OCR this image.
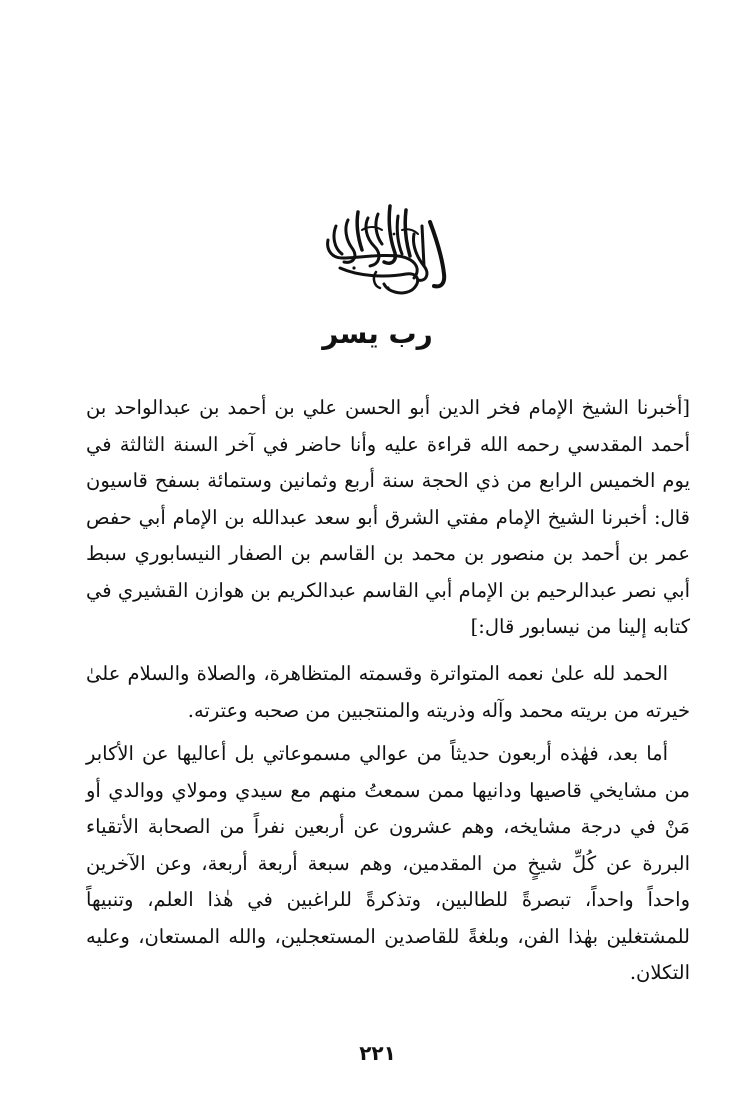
رب يسر

[أخبرنا الشيخ الإمام فخر الدين أبو الحسن علي بن أحمد بن عبدالواحد بن أحمد المقدسي رحمه الله قراءة عليه وأنا حاضر في آخر السنة الثالثة في يوم الخميس الرابع من ذي الحجة سنة أربع وثمانين وستمائة بسفح قاسيون قال: أخبرنا الشيخ الإمام مفتي الشرق أبو سعد عبدالله بن الإمام أبي حفص عمر بن أحمد بن منصور بن محمد بن القاسم بن الصفار النيسابوري سبط أبي نصر عبدالرحيم بن الإمام أبي القاسم عبدالكريم بن هوازن القشيري في كتابه إلينا من نيسابور قال:]

الحمد لله علىٰ نعمه المتواترة وقسمته المتظاهرة، والصلاة والسلام علىٰ خيرته من بريته محمد وآله وذريته والمنتجبين من صحبه وعترته.

أما بعد، فهٰذه أربعون حديثاً من عوالي مسموعاتي بل أعاليها عن الأكابر من مشايخي قاصيها ودانيها ممن سمعتُ منهم مع سيدي ومولاي ووالدي أو مَنْ في درجة مشايخه، وهم عشرون عن أربعين نفراً من الصحابة الأتقياء البررة عن كُلِّ شيخٍ من المقدمين، وهم سبعة أربعة أربعة، وعن الآخرين واحداً واحداً، تبصرةً للطالبين، وتذكرةً للراغبين في هٰذا العلم، وتنبيهاً للمشتغلين بهٰذا الفن، وبلغةً للقاصدين المستعجلين، والله المستعان، وعليه التكلان.

٢٢١
